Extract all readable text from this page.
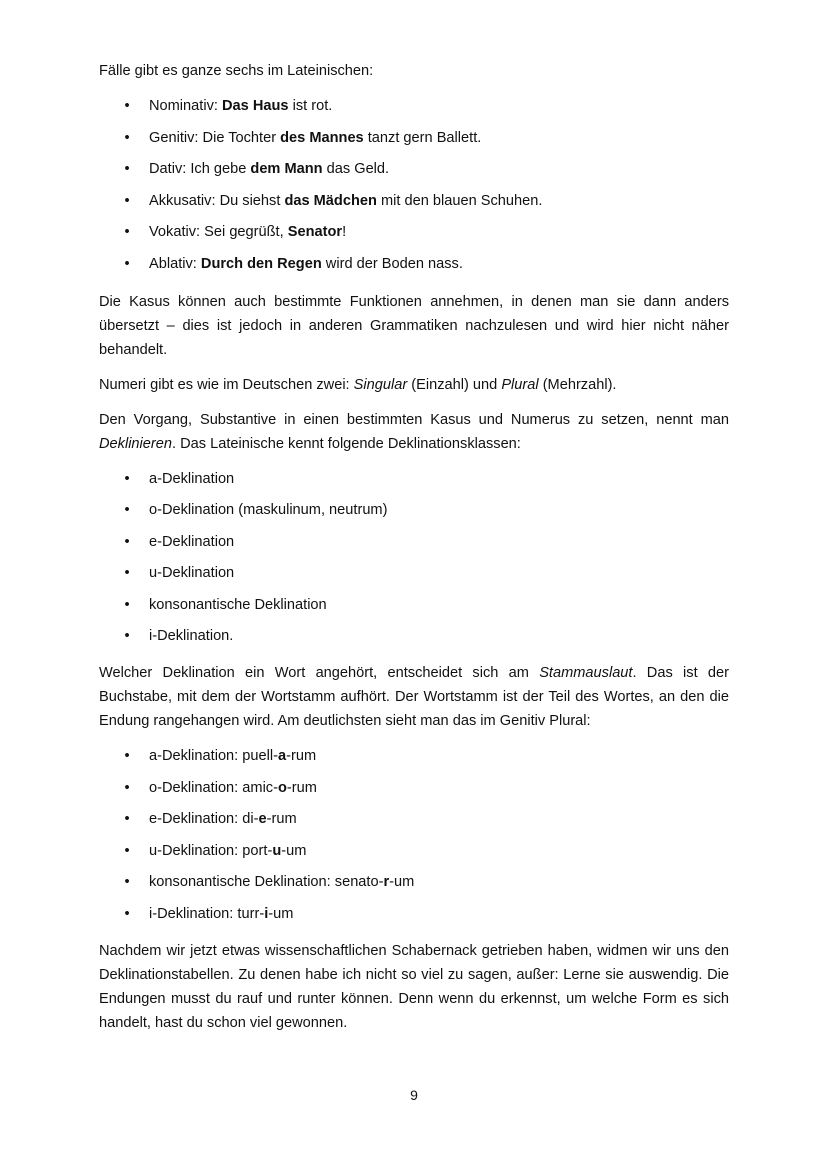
Fälle gibt es ganze sechs im Lateinischen:

• Nominativ: Das Haus ist rot.
• Genitiv: Die Tochter des Mannes tanzt gern Ballett.
• Dativ: Ich gebe dem Mann das Geld.
• Akkusativ: Du siehst das Mädchen mit den blauen Schuhen.
• Vokativ: Sei gegrüßt, Senator!
• Ablativ: Durch den Regen wird der Boden nass.

Die Kasus können auch bestimmte Funktionen annehmen, in denen man sie dann anders übersetzt – dies ist jedoch in anderen Grammatiken nachzulesen und wird hier nicht näher behandelt.

Numeri gibt es wie im Deutschen zwei: Singular (Einzahl) und Plural (Mehrzahl).

Den Vorgang, Substantive in einen bestimmten Kasus und Numerus zu setzen, nennt man Deklinieren. Das Lateinische kennt folgende Deklinationsklassen:

• a-Deklination
• o-Deklination (maskulinum, neutrum)
• e-Deklination
• u-Deklination
• konsonantische Deklination
• i-Deklination.

Welcher Deklination ein Wort angehört, entscheidet sich am Stammauslaut. Das ist der Buchstabe, mit dem der Wortstamm aufhört. Der Wortstamm ist der Teil des Wortes, an den die Endung rangehangen wird. Am deutlichsten sieht man das im Genitiv Plural:

• a-Deklination: puell-a-rum
• o-Deklination: amic-o-rum
• e-Deklination: di-e-rum
• u-Deklination: port-u-um
• konsonantische Deklination: senato-r-um
• i-Deklination: turr-i-um

Nachdem wir jetzt etwas wissenschaftlichen Schabernack getrieben haben, widmen wir uns den Deklinationstabellen. Zu denen habe ich nicht so viel zu sagen, außer: Lerne sie auswendig. Die Endungen musst du rauf und runter können. Denn wenn du erkennst, um welche Form es sich handelt, hast du schon viel gewonnen.

9
